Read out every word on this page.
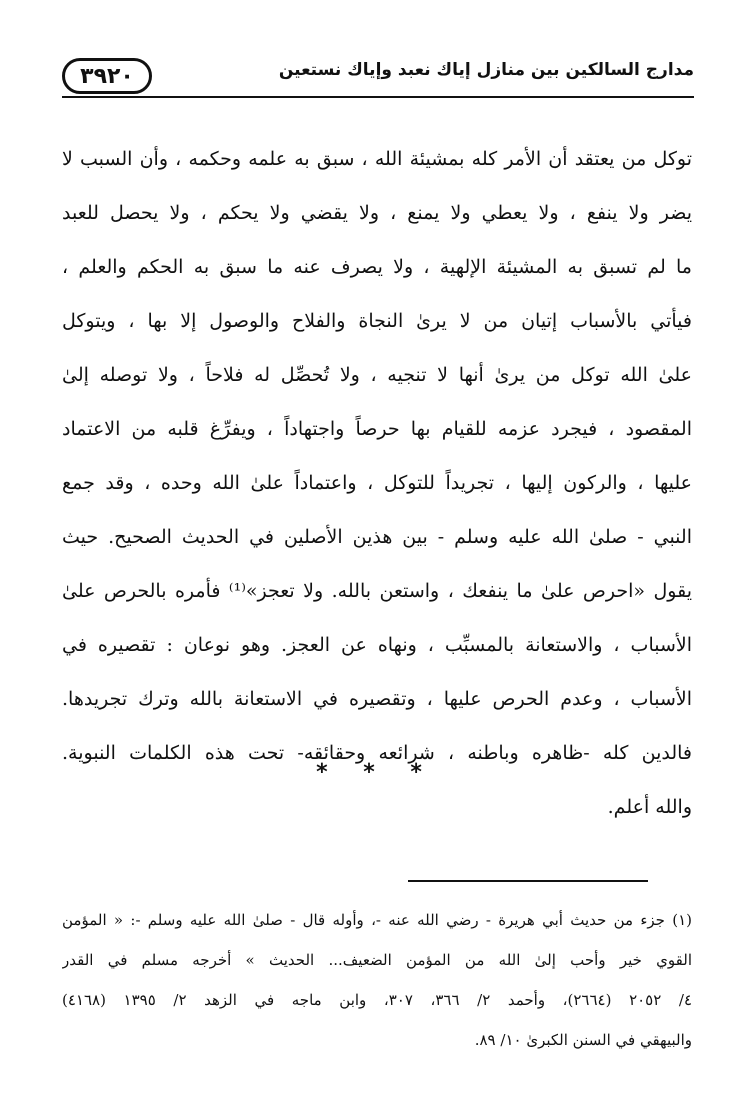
٣٩٢٠	مدارج السالكين بين منازل إياك نعبد وإياك نستعين
توكل من يعتقد أن الأمر كله بمشيئة الله ، سبق به علمه وحكمه ، وأن السبب لا
يضر ولا ينفع ، ولا يعطي ولا يمنع ، ولا يقضي ولا يحكم ، ولا يحصل للعبد
ما لم تسبق به المشيئة الإلهية ، ولا يصرف عنه ما سبق به الحكم والعلم ،
فيأتي بالأسباب إتيان من لا يرىٰ النجاة والفلاح والوصول إلا بها ، ويتوكل
علىٰ الله توكل من يرىٰ أنها لا تنجيه ، ولا تُحصِّل له فلاحاً ، ولا توصله إلىٰ
المقصود ، فيجرد عزمه للقيام بها حرصاً واجتهاداً ، ويفرِّغ قلبه من الاعتماد
عليها ، والركون إليها ، تجريداً للتوكل ، واعتماداً علىٰ الله وحده ، وقد جمع
النبي - صلىٰ الله عليه وسلم - بين هذين الأصلين في الحديث الصحيح. حيث
يقول «احرص علىٰ ما ينفعك ، واستعن بالله. ولا تعجز»⁽¹⁾ فأمره بالحرص علىٰ
الأسباب ، والاستعانة بالمسبِّب ، ونهاه عن العجز. وهو نوعان : تقصيره في
الأسباب ، وعدم الحرص عليها ، وتقصيره في الاستعانة بالله وترك تجريدها.
فالدين كله -ظاهره وباطنه ، شرائعه وحقائقه- تحت هذه الكلمات النبوية.
والله أعلم.
* * *
(١) جزء من حديث أبي هريرة - رضي الله عنه -، وأوله قال - صلىٰ الله عليه وسلم -: « المؤمن
القوي خير وأحب إلىٰ الله من المؤمن الضعيف... الحديث » أخرجه مسلم في القدر
٤/ ٢٠٥٢ (٢٦٦٤)، وأحمد ٢/ ٣٦٦، ٣٠٧، وابن ماجه في الزهد ٢/ ١٣٩٥ (٤١٦٨)
والبيهقي في السنن الكبرىٰ ١٠/ ٨٩.
